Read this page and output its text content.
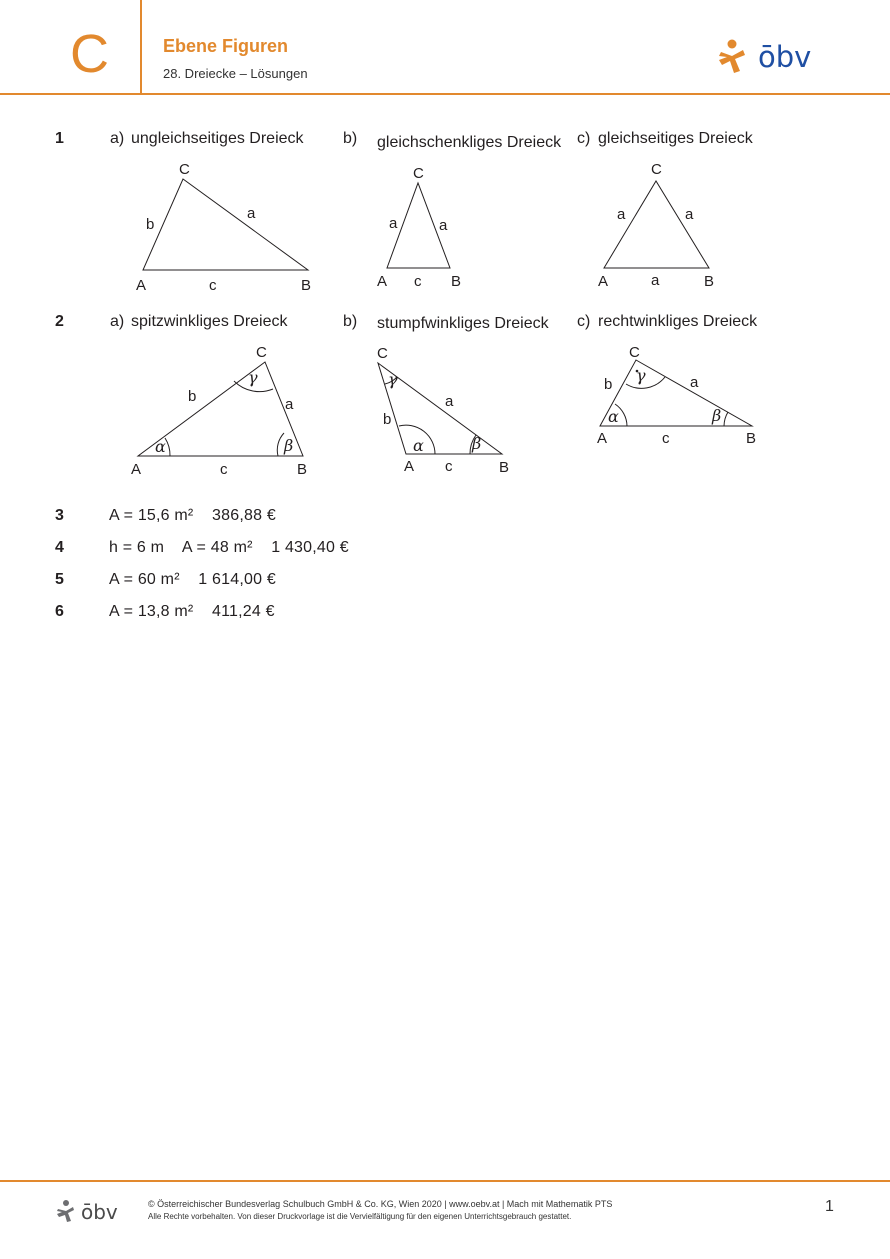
C	Ebene Figuren
28. Dreiecke – Lösungen	ōbv
1	a) ungleichseitiges Dreieck b) gleichschenkliges Dreieck c) gleichseitiges Dreieck
A	B
C
a
b
c	A	B
C
a	a
c	A	B
C
a	a
a
A	B
C
a
b
c
α	β
γ
A	B
C
a
b
c
α	β
γ
A	B
C
a
b
c
α	β
γ
2	a) spitzwinkliges Dreieck	b) stumpfwinkliges Dreieck c) rechtwinkliges Dreieck
3	A = 15,6 m²    386,88 €
4	h = 6 m    A = 48 m²    1 430,40 €
5	A = 60 m²    1 614,00 €
6	A = 13,8 m²    411,24 €
ōbv	© Österreichischer Bundesverlag Schulbuch GmbH & Co. KG, Wien 2020 | www.oebv.at | Mach mit Mathematik PTS
Alle Rechte vorbehalten. Von dieser Druckvorlage ist die Vervielfältigung für den eigenen Unterrichtsgebrauch gestattet.
1
